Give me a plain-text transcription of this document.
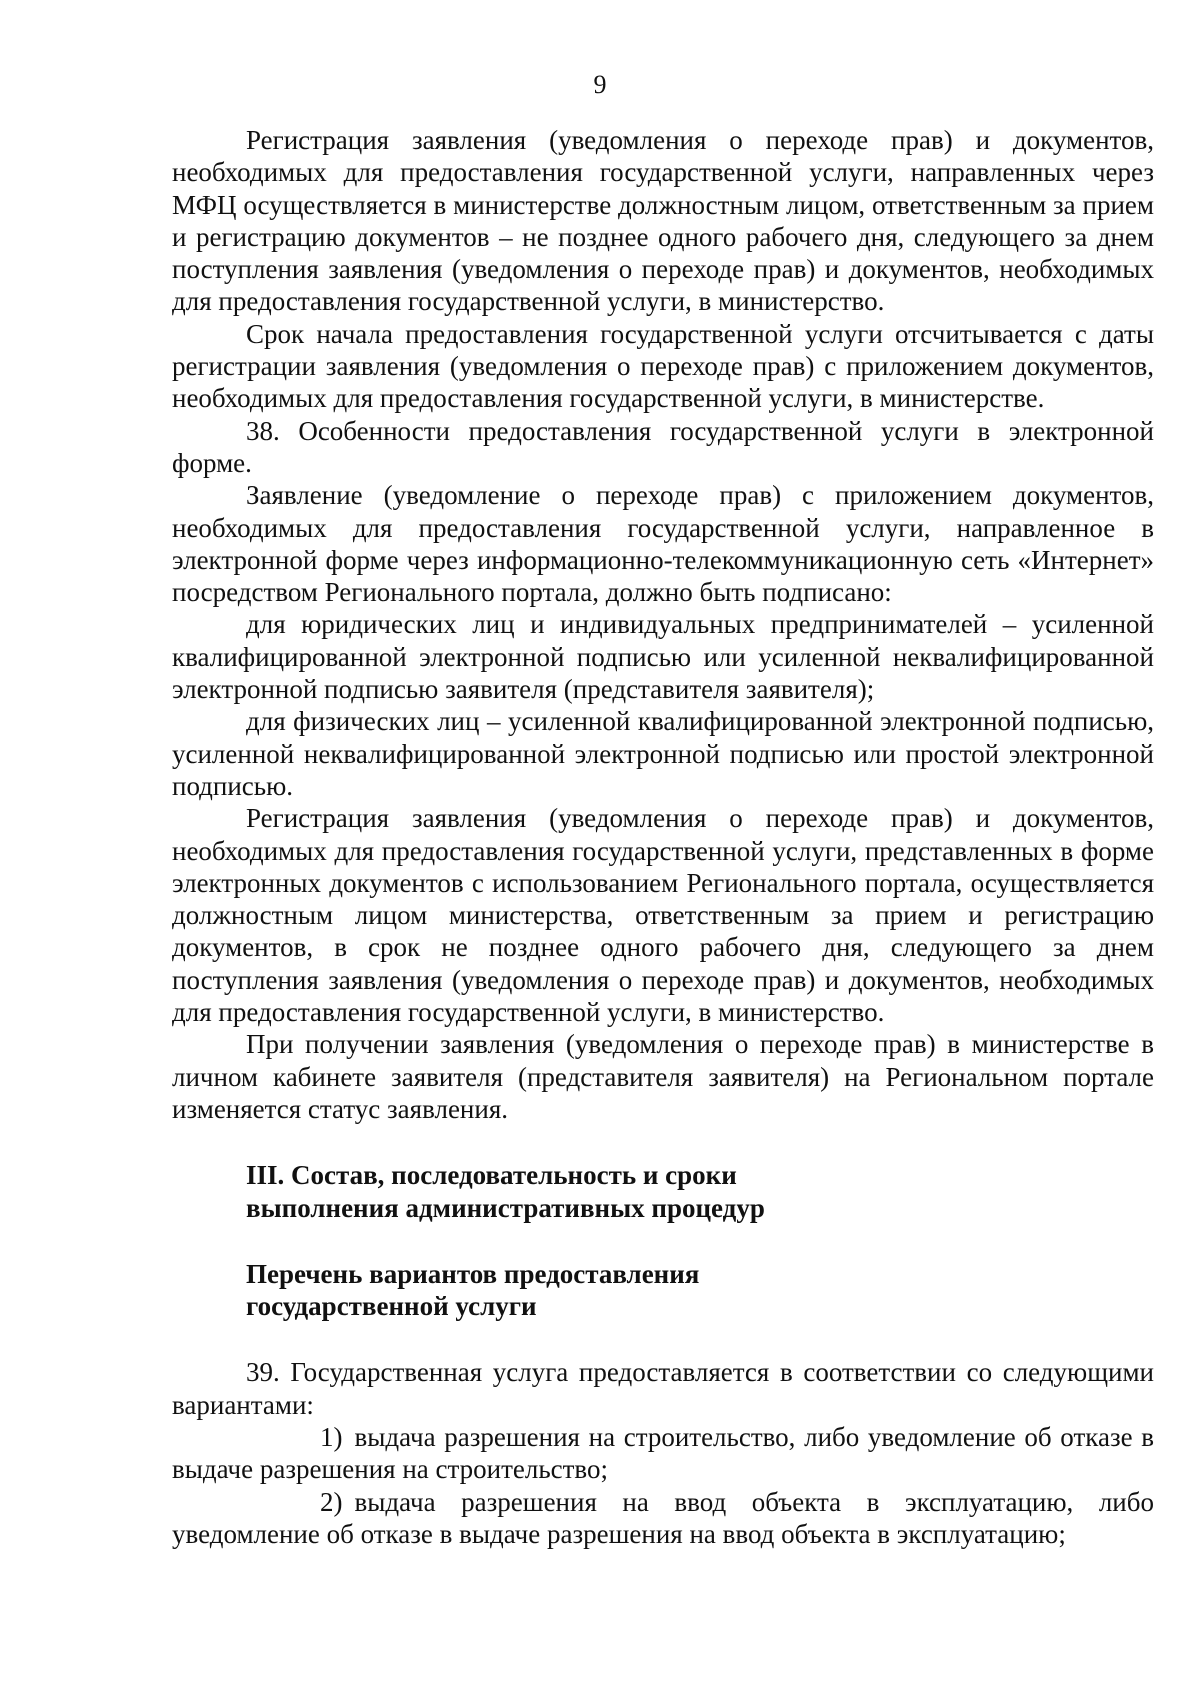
9

Регистрация заявления (уведомления о переходе прав) и документов, необходимых для предоставления государственной услуги, направленных через МФЦ осуществляется в министерстве должностным лицом, ответственным за прием и регистрацию документов – не позднее одного рабочего дня, следующего за днем поступления заявления (уведомления о переходе прав) и документов, необходимых для предоставления государственной услуги, в министерство.

Срок начала предоставления государственной услуги отсчитывается с даты регистрации заявления (уведомления о переходе прав) с приложением документов, необходимых для предоставления государственной услуги, в министерстве.

38. Особенности предоставления государственной услуги в электронной форме.

Заявление (уведомление о переходе прав) с приложением документов, необходимых для предоставления государственной услуги, направленное в электронной форме через информационно-телекоммуникационную сеть «Интернет» посредством Регионального портала, должно быть подписано:

для юридических лиц и индивидуальных предпринимателей – усиленной квалифицированной электронной подписью или усиленной неквалифицированной электронной подписью заявителя (представителя заявителя);

для физических лиц – усиленной квалифицированной электронной подписью, усиленной неквалифицированной электронной подписью или простой электронной подписью.

Регистрация заявления (уведомления о переходе прав) и документов, необходимых для предоставления государственной услуги, представленных в форме электронных документов с использованием Регионального портала, осуществляется должностным лицом министерства, ответственным за прием и регистрацию документов, в срок не позднее одного рабочего дня, следующего за днем поступления заявления (уведомления о переходе прав) и документов, необходимых для предоставления государственной услуги, в министерство.

При получении заявления (уведомления о переходе прав) в министерстве в личном кабинете заявителя (представителя заявителя) на Региональном портале изменяется статус заявления.

III. Состав, последовательность и сроки
выполнения административных процедур

Перечень вариантов предоставления
государственной услуги

39. Государственная услуга предоставляется в соответствии со следующими вариантами:

1) выдача разрешения на строительство, либо уведомление об отказе в выдаче разрешения на строительство;

2) выдача разрешения на ввод объекта в эксплуатацию, либо уведомление об отказе в выдаче разрешения на ввод объекта в эксплуатацию;
